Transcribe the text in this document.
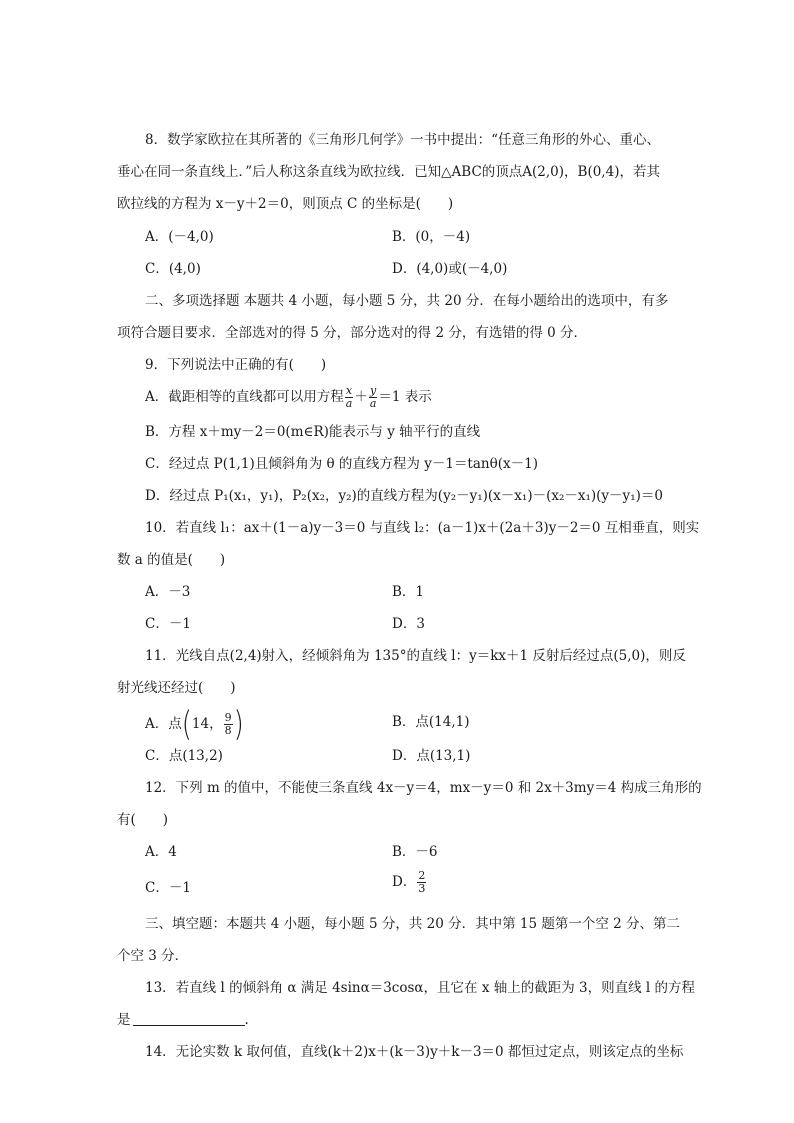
8．数学家欧拉在其所著的《三角形几何学》一书中提出：“任意三角形的外心、重心、
垂心在同一条直线上．”后人称这条直线为欧拉线．已知△ABC的顶点A(2,0)，B(0,4)，若其
欧拉线的方程为 x－y＋2＝0，则顶点 C 的坐标是(　　)
A．(－4,0)	B．(0，－4)
C．(4,0)	D．(4,0)或(－4,0)
二、多项选择题 本题共 4 小题，每小题 5 分，共 20 分．在每小题给出的选项中，有多
项符合题目要求．全部选对的得 5 分，部分选对的得 2 分，有选错的得 0 分．
9．下列说法中正确的有(　　)
A．截距相等的直线都可以用方程 $\frac{x}{a} + \frac{y}{a} =1$ 表示
B．方程 x＋my－2＝0(m∈R)能表示与 y 轴平行的直线
C．经过点 P(1,1)且倾斜角为 θ 的直线方程为 y－1＝tanθ(x－1)
D．经过点 P₁(x₁，y₁)，P₂(x₂，y₂)的直线方程为(y₂－y₁)(x－x₁)－(x₂－x₁)(y－y₁)＝0
10．若直线 l₁：ax＋(1－a)y－3＝0 与直线 l₂：(a－1)x＋(2a＋3)y－2＝0 互相垂直，则实
数 a 的值是(　　)
A．－3	B．1
C．－1	D．3
11．光线自点(2,4)射入，经倾斜角为 135°的直线 l：y＝kx＋1 反射后经过点(5,0)，则反
射光线还经过(　　)
A．点(14， $\frac{9}{8}$ )	B．点(14,1)
C．点(13,2)	D．点(13,1)
12．下列 m 的值中，不能使三条直线 4x－y＝4，mx－y＝0 和 2x＋3my＝4 构成三角形的
有(　　)
A．4	B．－6
C．－1	D． $\frac{2}{3}$
三、填空题：本题共 4 小题，每小题 5 分，共 20 分．其中第 15 题第一个空 2 分、第二
个空 3 分．
13．若直线 l 的倾斜角 α 满足 4sinα＝3cosα，且它在 x 轴上的截距为 3，则直线 l 的方程
是	.
14．无论实数 k 取何值，直线(k＋2)x＋(k－3)y＋k－3＝0 都恒过定点，则该定点的坐标
